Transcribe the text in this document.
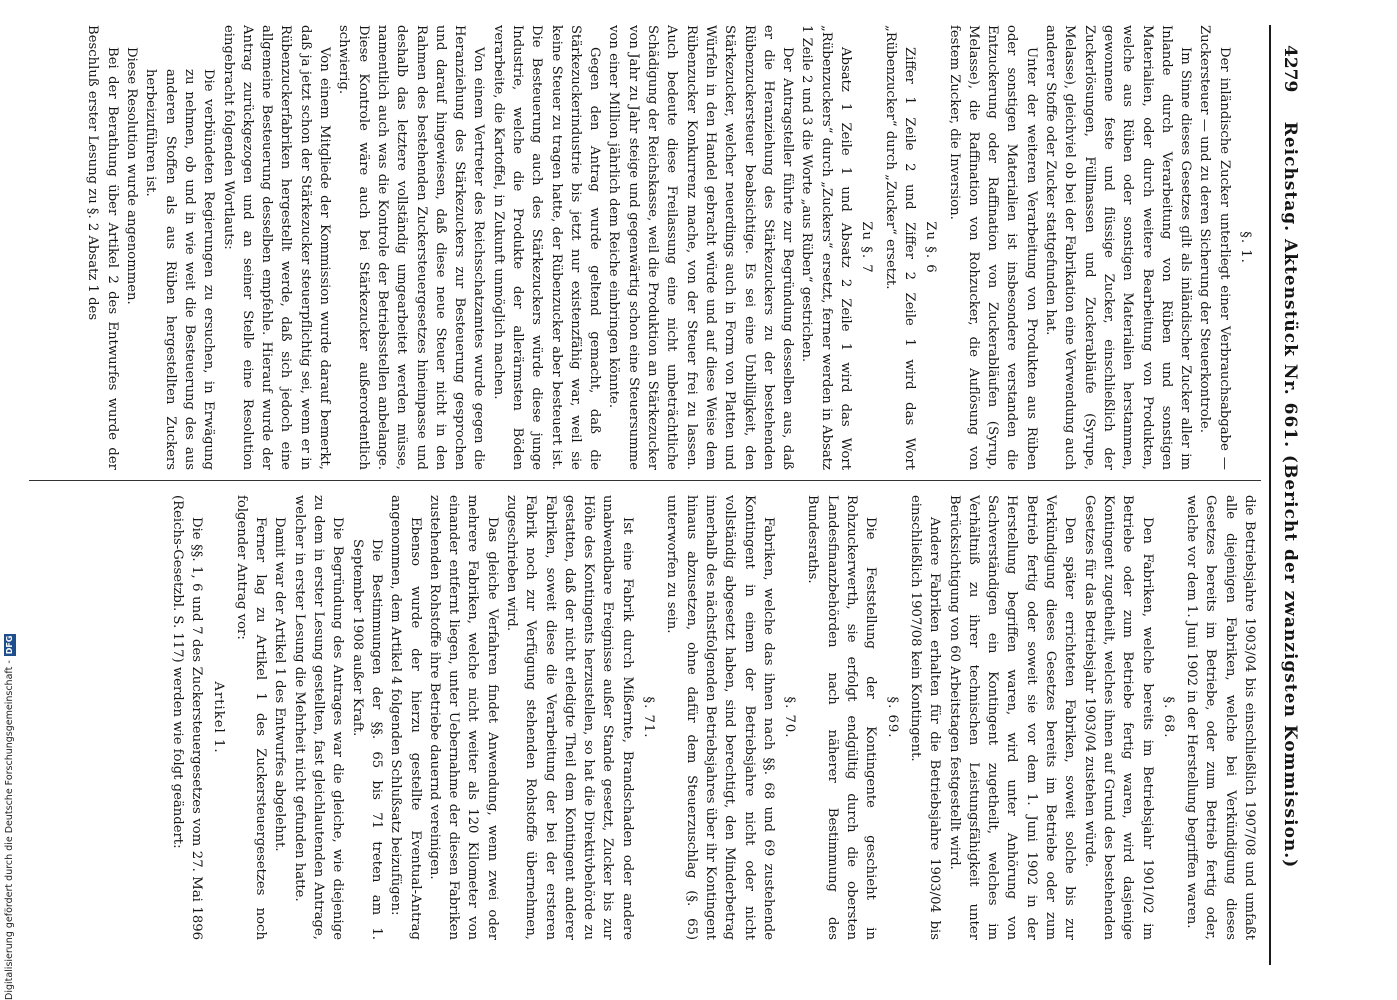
4279
Reichstag. Aktenstück Nr. 661. (Bericht der zwanzigsten Kommission.)

§. 1.

Der inländische Zucker unterliegt einer Verbrauchsabgabe — Zuckersteuer — und zu deren Sicherung der Steuerkontrole.

Im Sinne dieses Gesetzes gilt als inländischer Zucker aller im Inlande durch Verarbeitung von Rüben und sonstigen Materialien, oder durch weitere Bearbeitung von Produkten, welche aus Rüben oder sonstigen Materialien herstammen, gewonnene feste und flüssige Zucker, einschließlich der Zuckerlösungen, Füllmassen und Zuckerabläufe (Syrupe, Melasse), gleichviel ob bei der Fabrikation eine Verwendung auch anderer Stoffe oder Zucker stattgefunden hat.

Unter der weiteren Verarbeitung von Produkten aus Rüben oder sonstigen Materialien ist insbesondere verstanden die Entzuckerung oder Raffination von Zuckerabläufen (Syrup, Melasse), die Raffination von Rohzucker, die Auflösung von festem Zucker, die Inversion.

Zu §. 6

Ziffer 1 Zeile 2 und Ziffer 2 Zeile 1 wird das Wort „Rübenzucker“ durch „Zucker“ ersetzt.

Zu §. 7

Absatz 1 Zeile 1 und Absatz 2 Zeile 1 wird das Wort „Rübenzuckers“ durch „Zuckers“ ersetzt, ferner werden in Absatz 1 Zeile 2 und 3 die Worte „aus Rüben“ gestrichen.

Der Antragsteller führte zur Begründung desselben aus, daß er die Heranziehung des Stärkezuckers zu der bestehenden Rübenzuckersteuer beabsichtige. Es sei eine Unbilligkeit, den Stärkezucker, welcher neuerdings auch in Form von Platten und Würfeln in den Handel gebracht würde und auf diese Weise dem Rübenzucker Konkurrenz mache, von der Steuer frei zu lassen. Auch bedeute diese Freilassung eine nicht unbeträchtliche Schädigung der Reichskasse, weil die Produktion an Stärkezucker von Jahr zu Jahr steige und gegenwärtig schon eine Steuersumme von einer Million jährlich dem Reiche einbringen könnte.

Gegen den Antrag wurde geltend gemacht, daß die Stärkezuckerindustrie bis jetzt nur existenzfähig war, weil sie keine Steuer zu tragen hatte, der Rübenzucker aber besteuert ist. Die Besteuerung auch des Stärkezuckers würde diese junge Industrie, welche die Produkte der allerärmsten Böden verarbeite, die Kartoffel, in Zukunft unmöglich machen.

Von einem Vertreter des Reichsschatzamtes wurde gegen die Heranziehung des Stärkezuckers zur Besteuerung gesprochen und darauf hingewiesen, daß diese neue Steuer nicht in den Rahmen des bestehenden Zuckersteuergesetzes hineinpasse und deshalb das letztere vollständig umgearbeitet werden müsse, namentlich auch was die Kontrole der Betriebsstellen anbelange. Diese Kontrole wäre auch bei Stärkezucker außerordentlich schwierig.

Von einem Mitgliede der Kommission wurde darauf bemerkt, daß ja jetzt schon der Stärkezucker steuerpflichtig sei, wenn er in Rübenzuckerfabriken hergestellt werde, daß sich jedoch eine allgemeine Besteuerung desselben empfehle. Hierauf wurde der Antrag zurückgezogen und an seiner Stelle eine Resolution eingebracht folgenden Wortlauts:

Die verbündeten Regierungen zu ersuchen, in Erwägung zu nehmen, ob und in wie weit die Besteuerung des aus anderen Stoffen als aus Rüben hergestellten Zuckers herbeizuführen ist.

Diese Resolution wurde angenommen.

Bei der Berathung über Artikel 2 des Entwurfes wurde der Beschluß erster Lesung zu §. 2 Absatz 1 des

die Betriebsjahre 1903/04 bis einschließlich 1907/08 und umfaßt alle diejenigen Fabriken, welche bei Verkündigung dieses Gesetzes bereits im Betriebe, oder zum Betrieb fertig oder, welche vor dem 1. Juni 1902 in der Herstellung begriffen waren.

§. 68.

Den Fabriken, welche bereits im Betriebsjahr 1901/02 im Betriebe oder zum Betriebe fertig waren, wird dasjenige Kontingent zugetheilt, welches ihnen auf Grund des bestehenden Gesetzes für das Betriebsjahr 1903/04 zustehen würde.

Den später errichteten Fabriken, soweit solche bis zur Verkündigung dieses Gesetzes bereits im Betriebe oder zum Betrieb fertig oder soweit sie vor dem 1. Juni 1902 in der Herstellung begriffen waren, wird unter Anhörung von Sachverständigen ein Kontingent zugetheilt, welches im Verhältniß zu ihrer technischen Leistungsfähigkeit unter Berücksichtigung von 60 Arbeitstagen festgestellt wird.

Andere Fabriken erhalten für die Betriebsjahre 1903/04 bis einschließlich 1907/08 kein Kontingent.

§. 69.

Die Feststellung der Kontingente geschieht in Rohzuckerwerth, sie erfolgt endgültig durch die obersten Landesfinanzbehörden nach näherer Bestimmung des Bundesraths.

§. 70.

Fabriken, welche das ihnen nach §§. 68 und 69 zustehende Kontingent in einem der Betriebsjahre nicht oder nicht vollständig abgesetzt haben, sind berechtigt, den Minderbetrag innerhalb des nächstfolgenden Betriebsjahres über ihr Kontingent hinaus abzusetzen, ohne dafür dem Steuerzuschlag (§. 65) unterworfen zu sein.

§. 71.

Ist eine Fabrik durch Mißernte, Brandschaden oder andere unabwendbare Ereignisse außer Stande gesetzt, Zucker bis zur Höhe des Kontingents herzustellen, so hat die Direktivbehörde zu gestatten, daß der nicht erledigte Theil dem Kontingent anderer Fabriken, soweit diese die Verarbeitung der bei der ersteren Fabrik noch zur Verfügung stehenden Rohstoffe übernehmen, zugeschrieben wird.

Das gleiche Verfahren findet Anwendung, wenn zwei oder mehrere Fabriken, welche nicht weiter als 120 Kilometer von einander entfernt liegen, unter Uebernahme der diesen Fabriken zustehenden Rohstoffe ihre Betriebe dauernd vereinigen.

Ebenso wurde der hierzu gestellte Eventual-Antrag angenommen, dem Artikel 4 folgenden Schlußsatz beizufügen:

Die Bestimmungen der §§. 65 bis 71 treten am 1. September 1908 außer Kraft.

Die Begründung des Antrages war die gleiche, wie diejenige zu dem in erster Lesung gestellten, fast gleichlautenden Antrage, welcher in erster Lesung die Mehrheit nicht gefunden hatte.

Damit war der Artikel 1 des Entwurfes abgelehnt.

Ferner lag zu Artikel 1 des Zuckersteuergesetzes noch folgender Antrag vor:

Artikel 1.

Die §§. 1, 6 und 7 des Zuckersteuergesetzes vom 27. Mai 1896 (Reichs-Gesetzbl. S. 117) werden wie folgt geändert:

Digitalisierung gefördert durch die Deutsche Forschungsgemeinschaft -DFG
